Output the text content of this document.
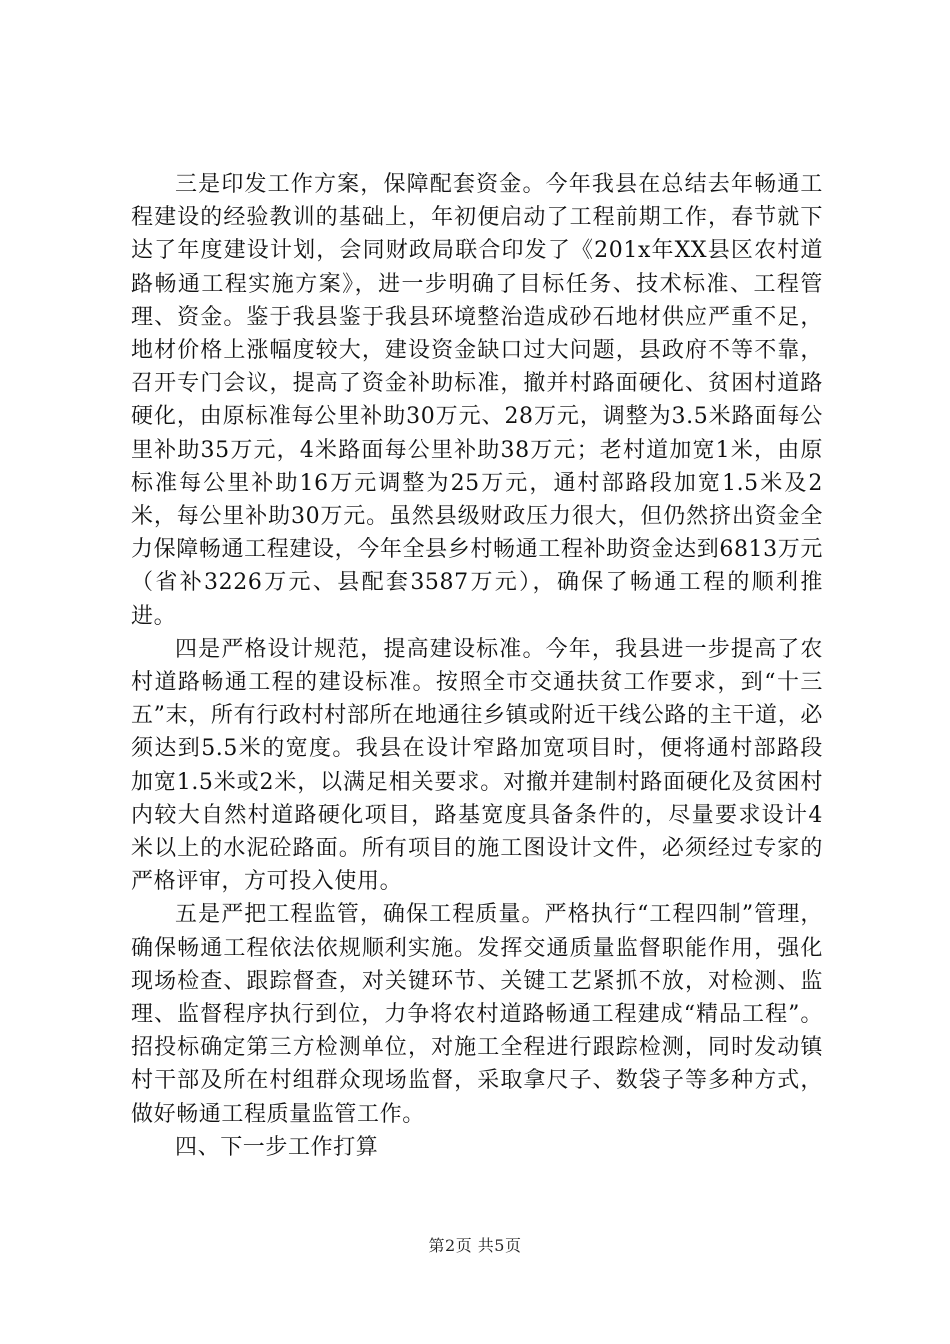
三是印发工作方案，保障配套资金。今年我县在总结去年畅通工程建设的经验教训的基础上，年初便启动了工程前期工作，春节就下达了年度建设计划，会同财政局联合印发了《201x年XX县区农村道路畅通工程实施方案》，进一步明确了目标任务、技术标准、工程管理、资金。鉴于我县鉴于我县环境整治造成砂石地材供应严重不足，地材价格上涨幅度较大，建设资金缺口过大问题，县政府不等不靠，召开专门会议，提高了资金补助标准，撤并村路面硬化、贫困村道路硬化，由原标准每公里补助30万元、28万元，调整为3.5米路面每公里补助35万元，4米路面每公里补助38万元；老村道加宽1米，由原标准每公里补助16万元调整为25万元，通村部路段加宽1.5米及2米，每公里补助30万元。虽然县级财政压力很大，但仍然挤出资金全力保障畅通工程建设，今年全县乡村畅通工程补助资金达到6813万元（省补3226万元、县配套3587万元），确保了畅通工程的顺利推进。

四是严格设计规范，提高建设标准。今年，我县进一步提高了农村道路畅通工程的建设标准。按照全市交通扶贫工作要求，到“十三五”末，所有行政村村部所在地通往乡镇或附近干线公路的主干道，必须达到5.5米的宽度。我县在设计窄路加宽项目时，便将通村部路段加宽1.5米或2米，以满足相关要求。对撤并建制村路面硬化及贫困村内较大自然村道路硬化项目，路基宽度具备条件的，尽量要求设计4米以上的水泥砼路面。所有项目的施工图设计文件，必须经过专家的严格评审，方可投入使用。

五是严把工程监管，确保工程质量。严格执行“工程四制”管理，确保畅通工程依法依规顺利实施。发挥交通质量监督职能作用，强化现场检查、跟踪督查，对关键环节、关键工艺紧抓不放，对检测、监理、监督程序执行到位，力争将农村道路畅通工程建成“精品工程”。招投标确定第三方检测单位，对施工全程进行跟踪检测，同时发动镇村干部及所在村组群众现场监督，采取拿尺子、数袋子等多种方式，做好畅通工程质量监管工作。

四、下一步工作打算

第2页 共5页
